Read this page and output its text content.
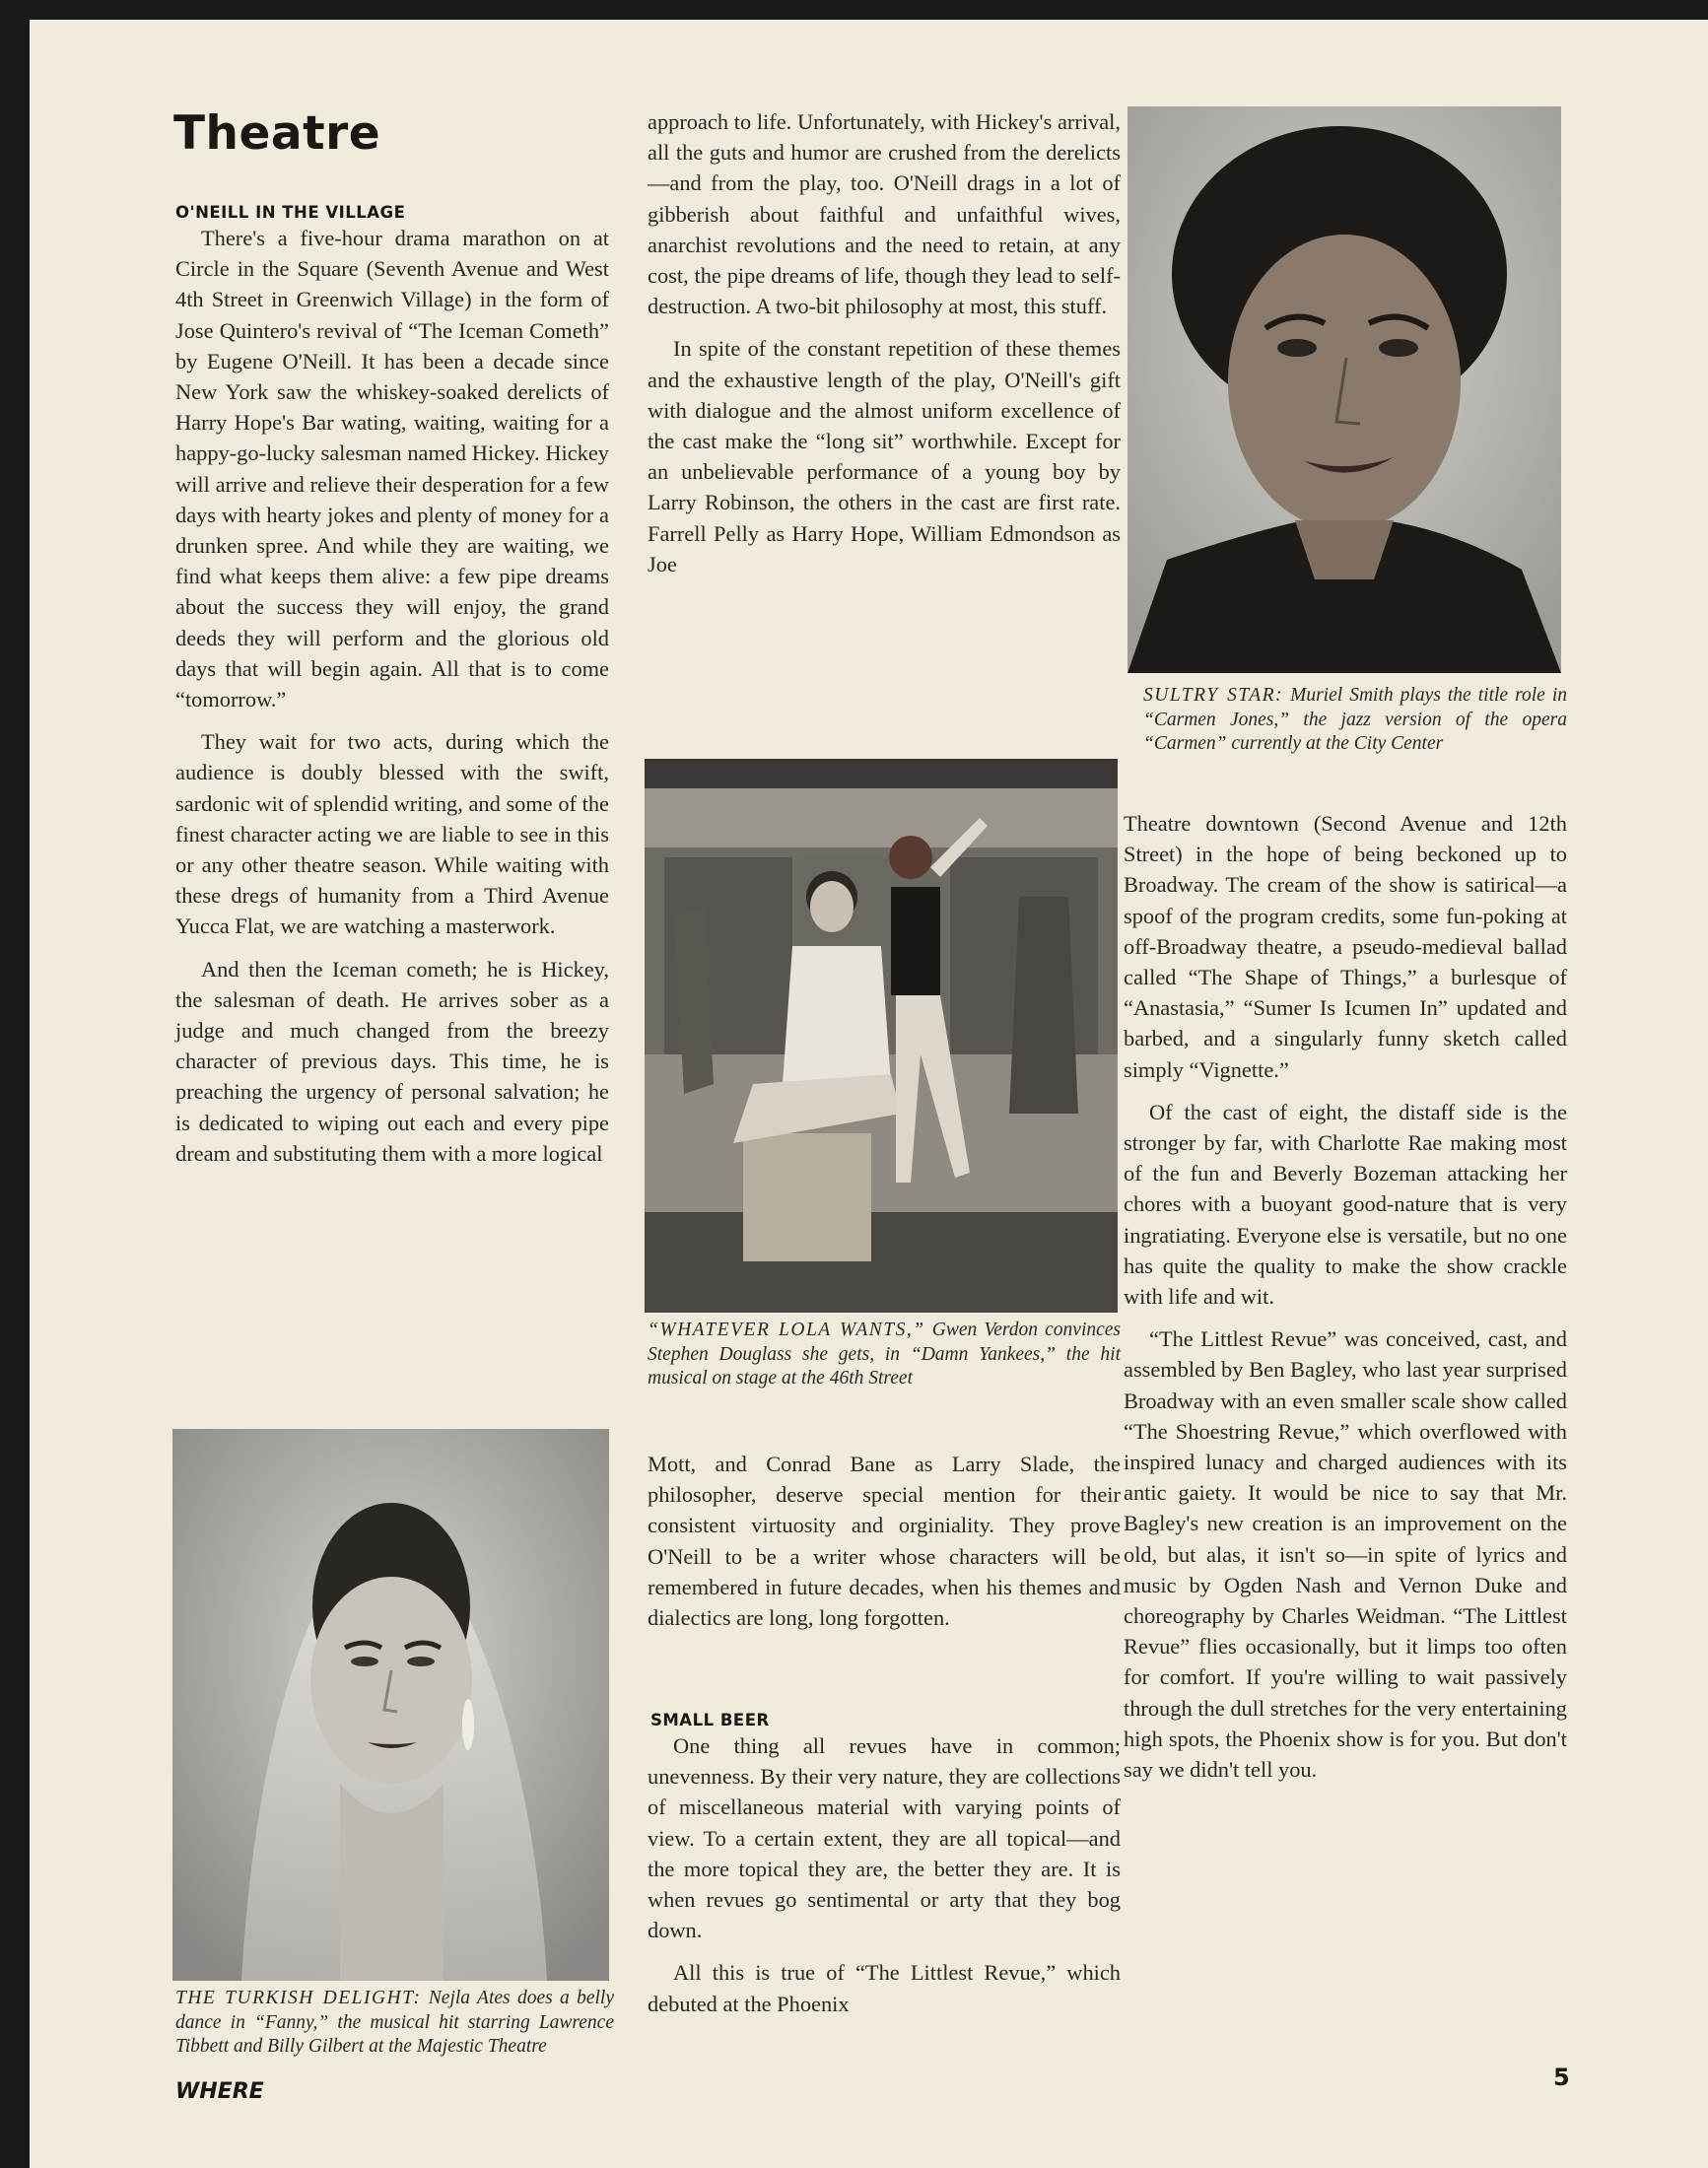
Theatre
O'NEILL IN THE VILLAGE

There's a five-hour drama marathon on at Circle in the Square (Seventh Avenue and West 4th Street in Greenwich Village) in the form of Jose Quintero's revival of “The Iceman Cometh” by Eugene O'Neill. It has been a decade since New York saw the whiskey-soaked derelicts of Harry Hope's Bar wating, waiting, waiting for a happy-go-lucky salesman named Hickey. Hickey will arrive and relieve their desperation for a few days with hearty jokes and plenty of money for a drunken spree. And while they are waiting, we find what keeps them alive: a few pipe dreams about the success they will enjoy, the grand deeds they will perform and the glorious old days that will begin again. All that is to come “tomorrow.”

They wait for two acts, during which the audience is doubly blessed with the swift, sardonic wit of splendid writing, and some of the finest character acting we are liable to see in this or any other theatre season. While waiting with these dregs of humanity from a Third Avenue Yucca Flat, we are watching a masterwork.

And then the Iceman cometh; he is Hickey, the salesman of death. He arrives sober as a judge and much changed from the breezy character of previous days. This time, he is preaching the urgency of personal salvation; he is dedicated to wiping out each and every pipe dream and substituting them with a more logical

THE TURKISH DELIGHT: Nejla Ates does a belly dance in “Fanny,” the musical hit starring Lawrence Tibbett and Billy Gilbert at the Majestic Theatre

approach to life. Unfortunately, with Hickey's arrival, all the guts and humor are crushed from the derelicts—and from the play, too. O'Neill drags in a lot of gibberish about faithful and unfaithful wives, anarchist revolutions and the need to retain, at any cost, the pipe dreams of life, though they lead to self-destruction. A two-bit philosophy at most, this stuff.

In spite of the constant repetition of these themes and the exhaustive length of the play, O'Neill's gift with dialogue and the almost uniform excellence of the cast make the “long sit” worthwhile. Except for an unbelievable performance of a young boy by Larry Robinson, the others in the cast are first rate. Farrell Pelly as Harry Hope, William Edmondson as Joe

“WHATEVER LOLA WANTS,” Gwen Verdon convinces Stephen Douglass she gets, in “Damn Yankees,” the hit musical on stage at the 46th Street

Mott, and Conrad Bane as Larry Slade, the philosopher, deserve special mention for their consistent virtuosity and orginiality. They prove O'Neill to be a writer whose characters will be remembered in future decades, when his themes and dialectics are long, long forgotten.

SMALL BEER

One thing all revues have in common; unevenness. By their very nature, they are collections of miscellaneous material with varying points of view. To a certain extent, they are all topical—and the more topical they are, the better they are. It is when revues go sentimental or arty that they bog down.

All this is true of “The Littlest Revue,” which debuted at the Phoenix

SULTRY STAR: Muriel Smith plays the title role in “Carmen Jones,” the jazz version of the opera “Carmen” currently at the City Center

Theatre downtown (Second Avenue and 12th Street) in the hope of being beckoned up to Broadway. The cream of the show is satirical—a spoof of the program credits, some fun-poking at off-Broadway theatre, a pseudo-medieval ballad called “The Shape of Things,” a burlesque of “Anastasia,” “Sumer Is Icumen In” updated and barbed, and a singularly funny sketch called simply “Vignette.”

Of the cast of eight, the distaff side is the stronger by far, with Charlotte Rae making most of the fun and Beverly Bozeman attacking her chores with a buoyant good-nature that is very ingratiating. Everyone else is versatile, but no one has quite the quality to make the show crackle with life and wit.

“The Littlest Revue” was conceived, cast, and assembled by Ben Bagley, who last year surprised Broadway with an even smaller scale show called “The Shoestring Revue,” which overflowed with inspired lunacy and charged audiences with its antic gaiety. It would be nice to say that Mr. Bagley's new creation is an improvement on the old, but alas, it isn't so—in spite of lyrics and music by Ogden Nash and Vernon Duke and choreography by Charles Weidman. “The Littlest Revue” flies occasionally, but it limps too often for comfort. If you're willing to wait passively through the dull stretches for the very entertaining high spots, the Phoenix show is for you. But don't say we didn't tell you.

WHERE
5
